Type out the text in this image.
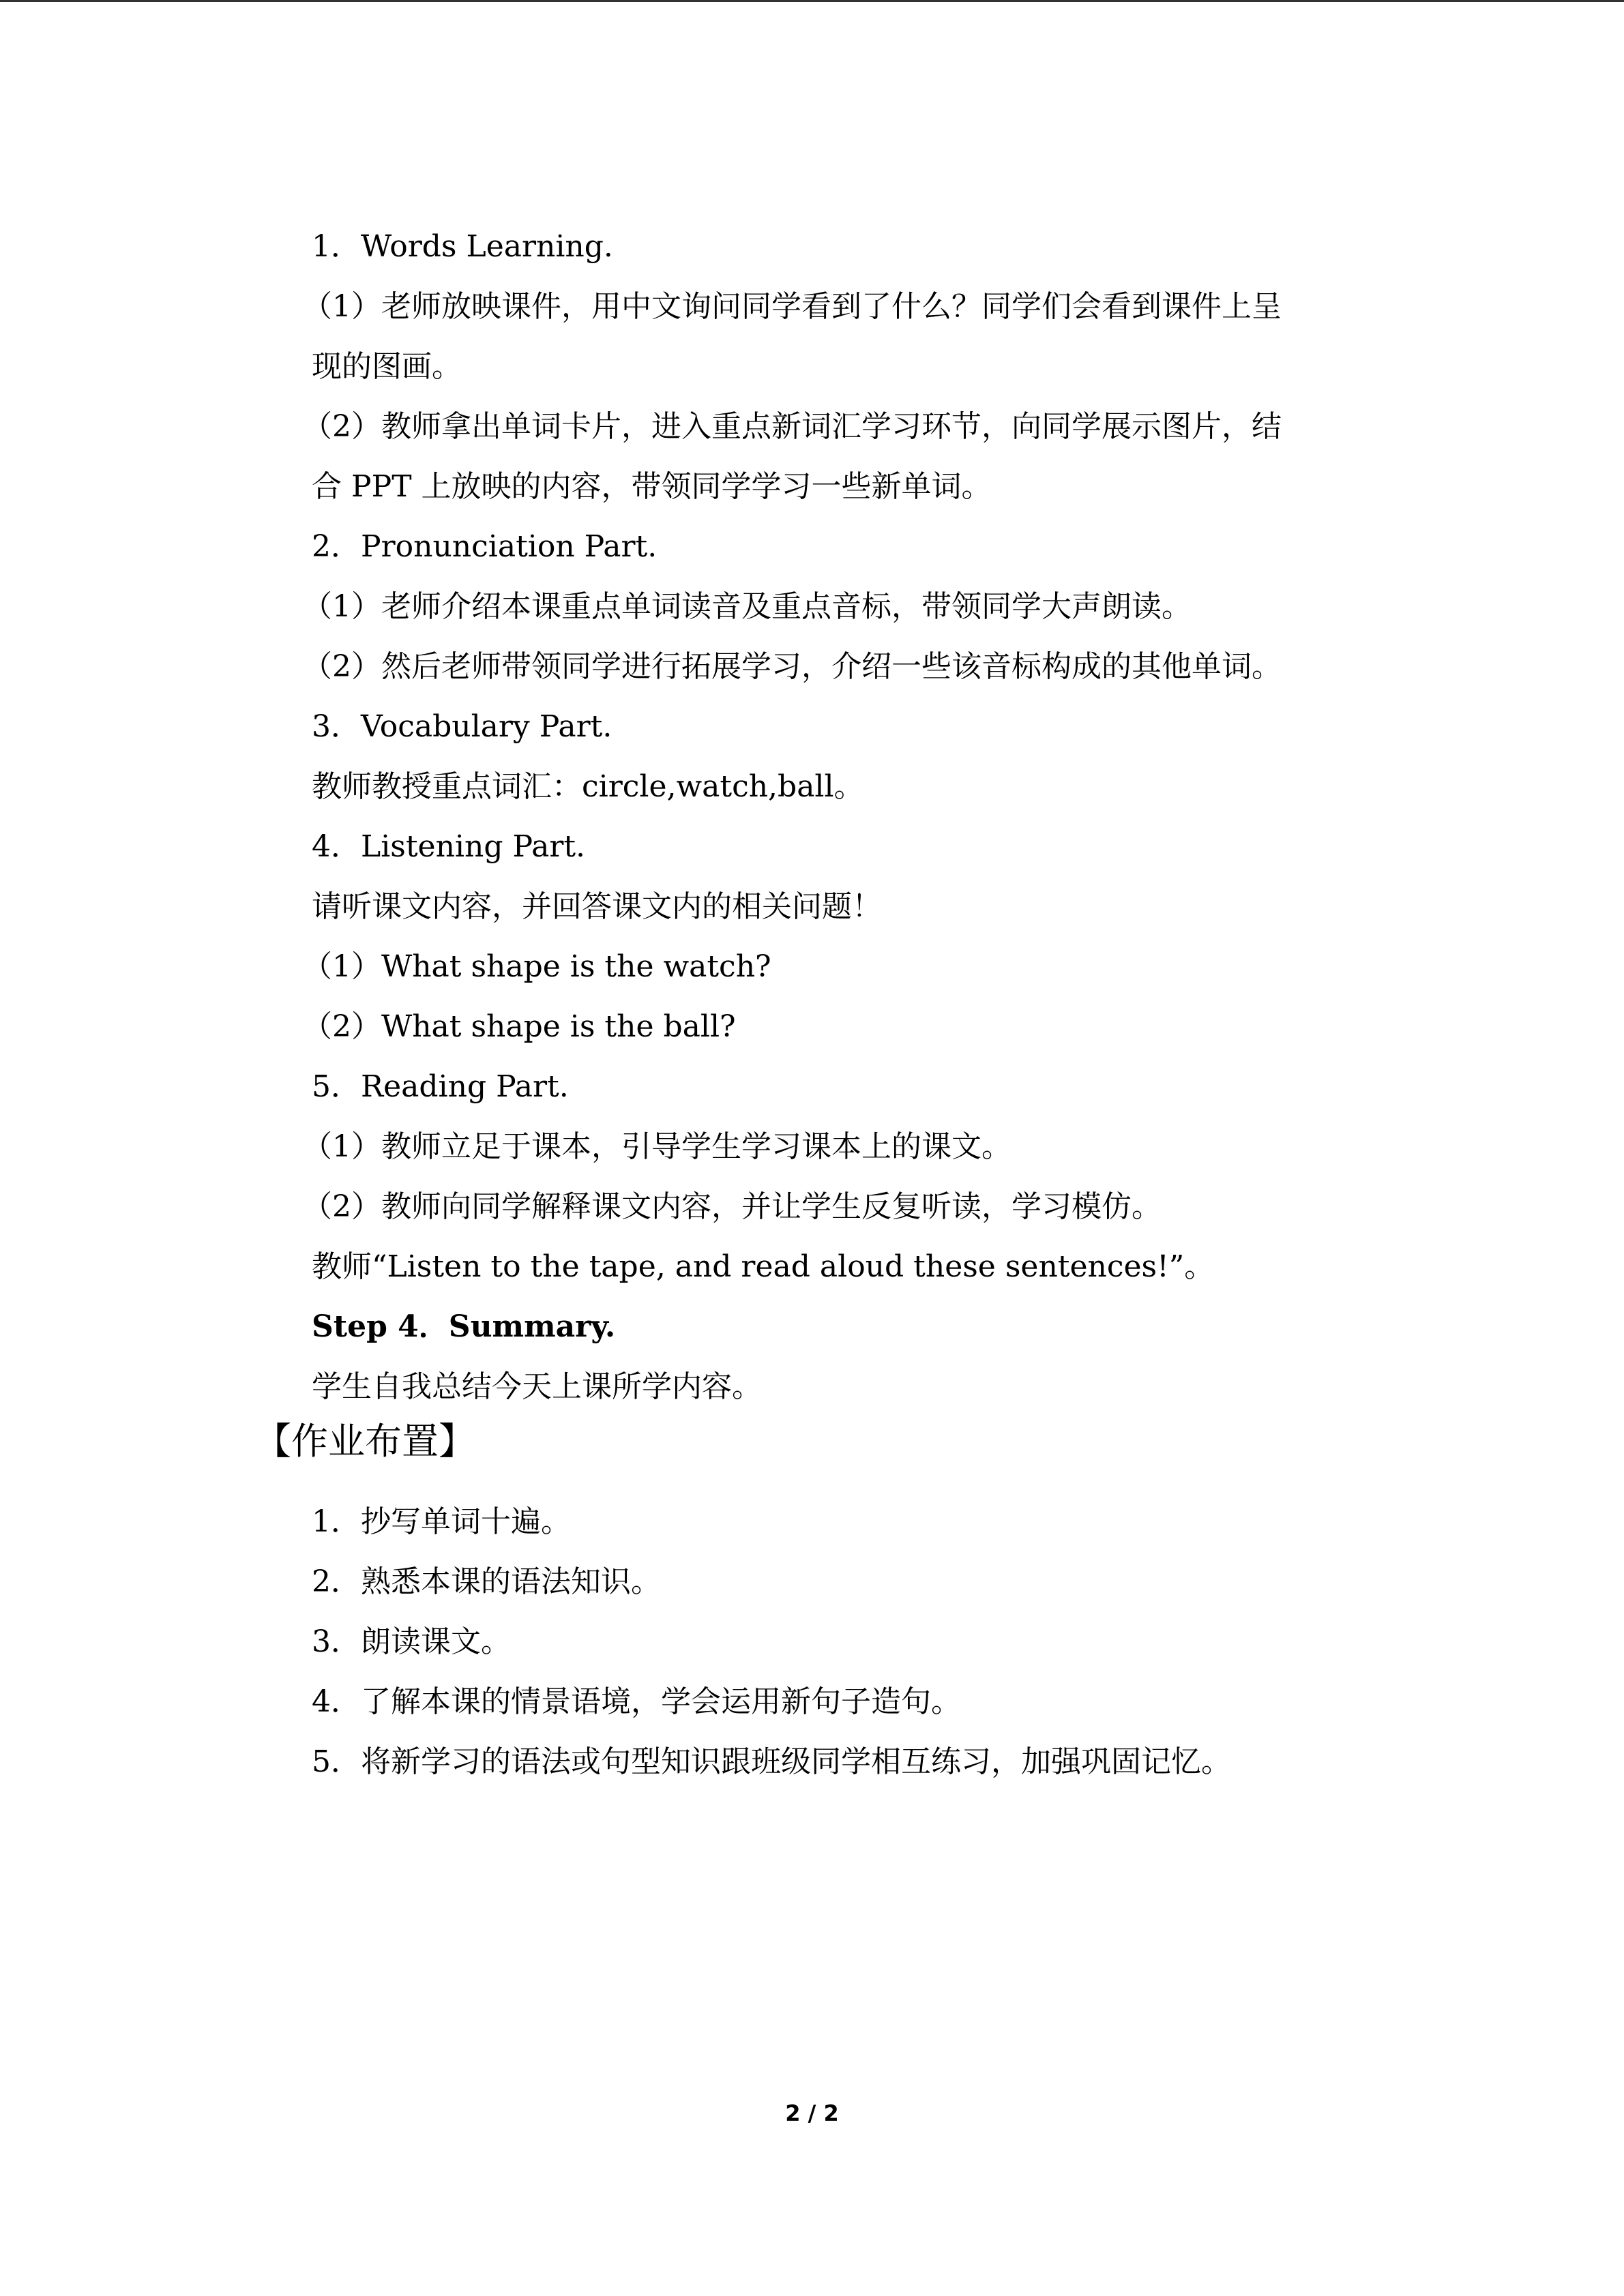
1．Words Learning.
（1）老师放映课件，用中文询问同学看到了什么？同学们会看到课件上呈
现的图画。
（2）教师拿出单词卡片，进入重点新词汇学习环节，向同学展示图片，结
合 PPT 上放映的内容，带领同学学习一些新单词。
2．Pronunciation Part.
（1）老师介绍本课重点单词读音及重点音标，带领同学大声朗读。
（2）然后老师带领同学进行拓展学习，介绍一些该音标构成的其他单词。
3．Vocabulary Part.
教师教授重点词汇：circle,watch,ball。
4．Listening Part.
请听课文内容，并回答课文内的相关问题！
（1）What shape is the watch?
（2）What shape is the ball?
5．Reading Part.
（1）教师立足于课本，引导学生学习课本上的课文。
（2）教师向同学解释课文内容，并让学生反复听读，学习模仿。
教师“Listen to the tape, and read aloud these sentences!”。
Step 4．Summary.
学生自我总结今天上课所学内容。
【作业布置】
1．抄写单词十遍。
2．熟悉本课的语法知识。
3．朗读课文。
4．了解本课的情景语境，学会运用新句子造句。
5．将新学习的语法或句型知识跟班级同学相互练习，加强巩固记忆。
2 / 2
